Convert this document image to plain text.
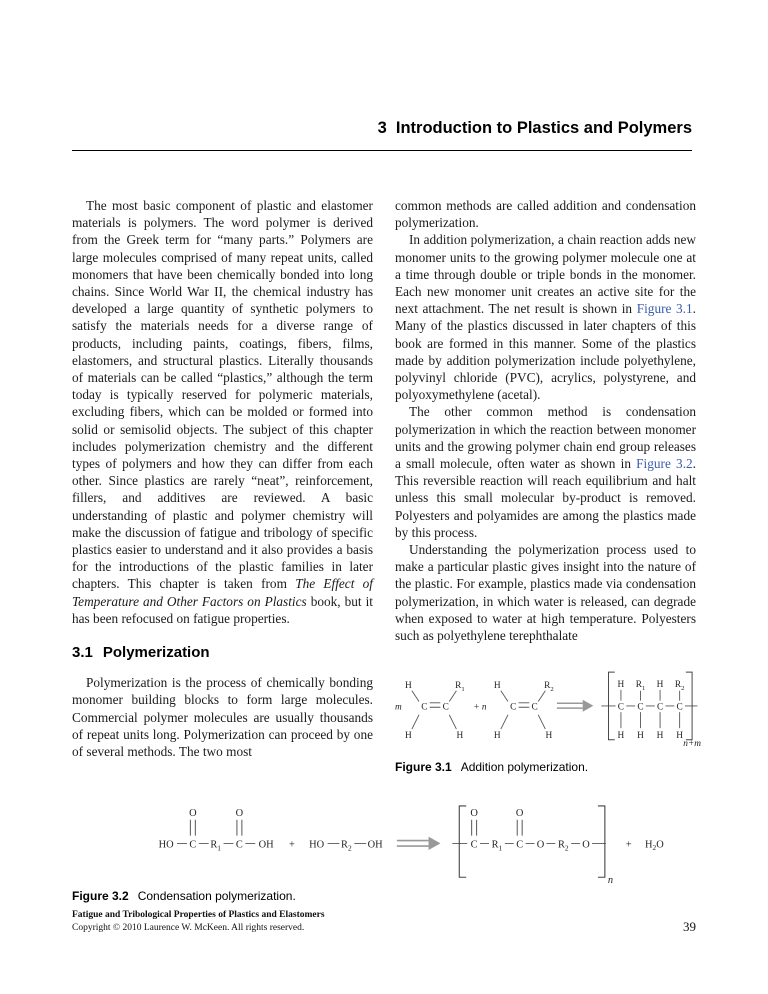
3 Introduction to Plastics and Polymers

The most basic component of plastic and elastomer materials is polymers. The word polymer is derived from the Greek term for “many parts.” Polymers are large molecules comprised of many repeat units, called monomers that have been chemically bonded into long chains. Since World War II, the chemical industry has developed a large quantity of synthetic polymers to satisfy the materials needs for a diverse range of products, including paints, coatings, fibers, films, elastomers, and structural plastics. Literally thousands of materials can be called “plastics,” although the term today is typically reserved for polymeric materials, excluding fibers, which can be molded or formed into solid or semisolid objects. The subject of this chapter includes polymerization chemistry and the different types of polymers and how they can differ from each other. Since plastics are rarely “neat”, reinforcement, fillers, and additives are reviewed. A basic understanding of plastic and polymer chemistry will make the discussion of fatigue and tribology of specific plastics easier to understand and it also provides a basis for the introductions of the plastic families in later chapters. This chapter is taken from The Effect of Temperature and Other Factors on Plastics book, but it has been refocused on fatigue properties.

3.1 Polymerization

Polymerization is the process of chemically bonding monomer building blocks to form large molecules. Commercial polymer molecules are usually thousands of repeat units long. Polymerization can proceed by one of several methods. The two most

common methods are called addition and condensation polymerization.

In addition polymerization, a chain reaction adds new monomer units to the growing polymer molecule one at a time through double or triple bonds in the monomer. Each new monomer unit creates an active site for the next attachment. The net result is shown in Figure 3.1. Many of the plastics discussed in later chapters of this book are formed in this manner. Some of the plastics made by addition polymerization include polyethylene, polyvinyl chloride (PVC), acrylics, polystyrene, and polyoxymethylene (acetal).

The other common method is condensation polymerization in which the reaction between monomer units and the growing polymer chain end group releases a small molecule, often water as shown in Figure 3.2. This reversible reaction will reach equilibrium and halt unless this small molecular by-product is removed. Polyesters and polyamides are among the plastics made by this process.

Understanding the polymerization process used to make a particular plastic gives insight into the nature of the plastic. For example, plastics made via condensation polymerization, in which water is released, can degrade when exposed to water at high temperature. Polyesters such as polyethylene terephthalate

m
H	$R_1$
C C
H	H
+ n
H	$R_2$
C C
H	H
H $R_1$ H $R_2$
C C C C
H H H H
n+m
Figure 3.1 Addition polymerization.
HO C
O
$R_1$ C
O
OH + HO $R_2$ OH	C
O
$R_1$ C
O
O $R_2$ O
n
+ $H_2O$
Figure 3.2 Condensation polymerization.
Fatigue and Tribological Properties of Plastics and Elastomers
Copyright © 2010 Laurence W. McKeen. All rights reserved.	39
